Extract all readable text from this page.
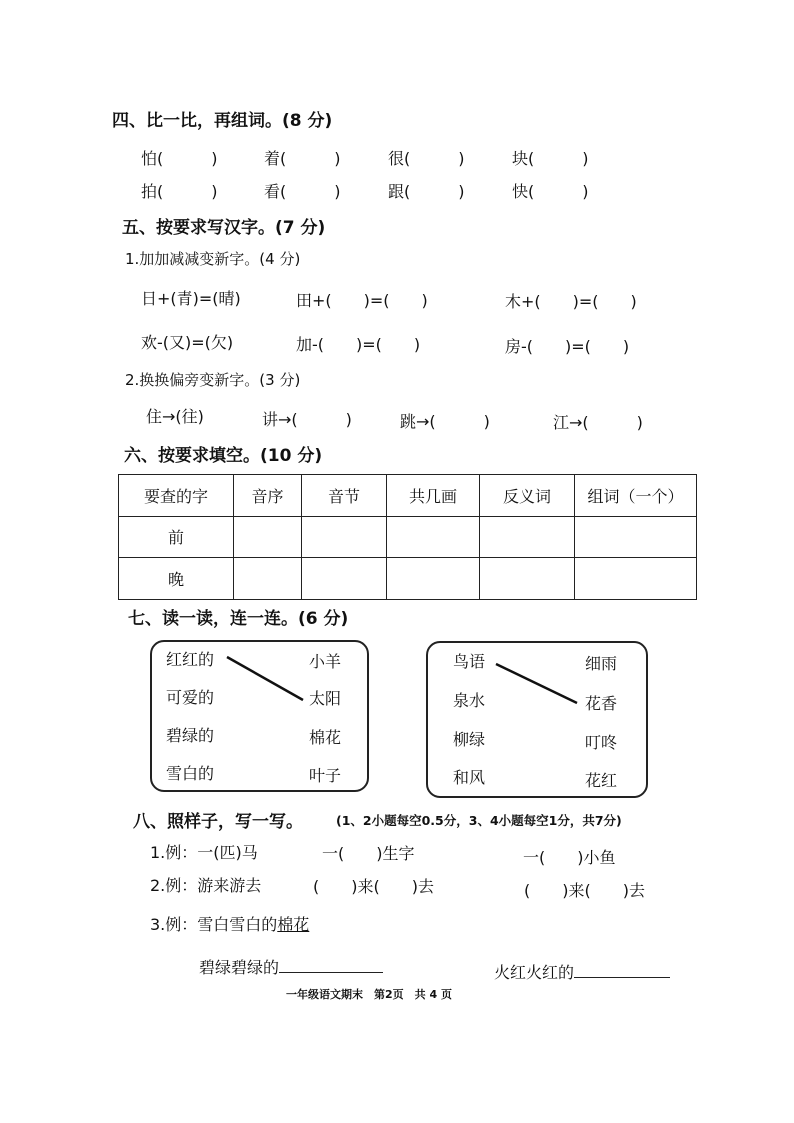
四、比一比，再组词。(8 分)
怕(　　　)	着(　　　)	很(　　　)	块(　　　)
拍(　　　)	看(　　　)	跟(　　　)	快(　　　)
五、按要求写汉字。(7 分)
1.加加减减变新字。(4 分)
日+(青)=(晴)	田+(　　)=(　　)	木+(　　)=(　　)
欢-(又)=(欠)	加-(　　)=(　　)	房-(　　)=(　　)
2.换换偏旁变新字。(3 分)
住→(往)	讲→(　　　)	跳→(　　　)	江→(　　　)
六、按要求填空。(10 分)
要查的字	音序	音节	共几画	反义词	组词（一个）
前					
晚					
七、读一读，连一连。(6 分)
红红的
可爱的
碧绿的
雪白的
小羊
太阳
棉花
叶子
鸟语
泉水
柳绿
和风
细雨
花香
叮咚
花红
八、照样子，写一写。	(1、2小题每空0.5分，3、4小题每空1分，共7分)
1.例：一(匹)马	一(　　)生字	一(　　)小鱼
2.例：游来游去	(　　)来(　　)去	(　　)来(　　)去
3.例：雪白雪白的棉花
碧绿碧绿的	火红火红的
一年级语文期末　第2页　共 4 页
